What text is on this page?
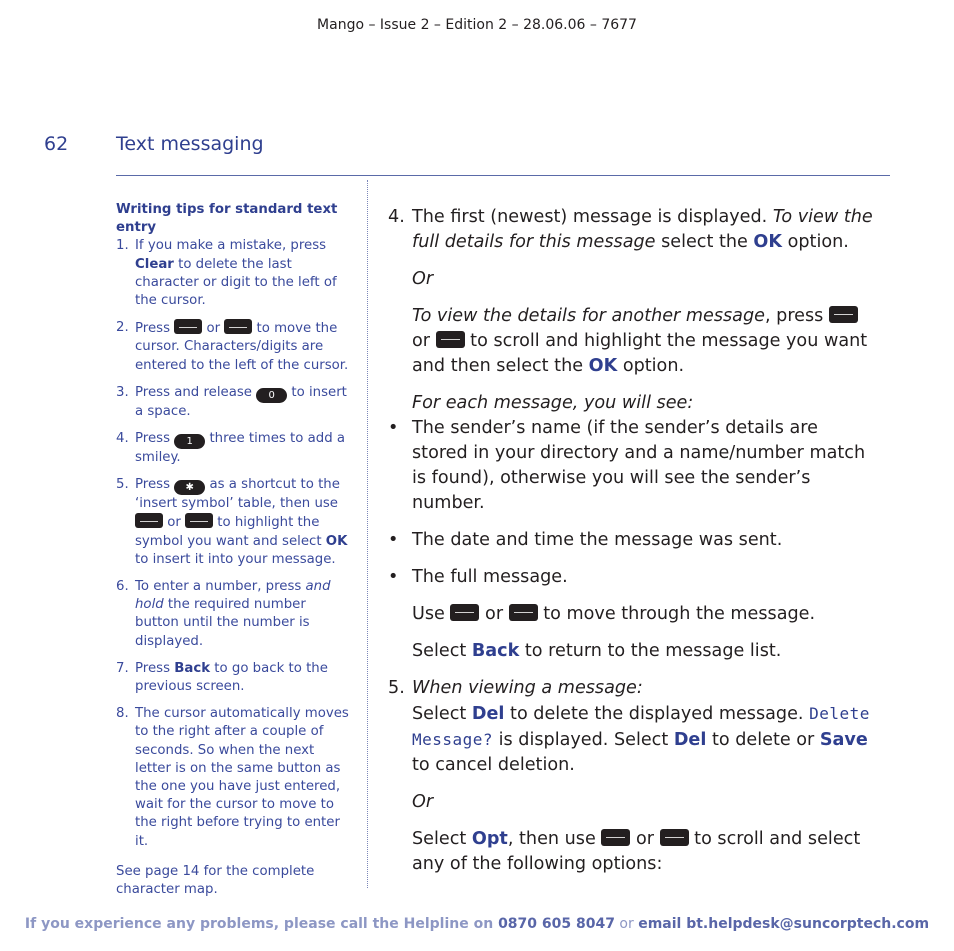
Mango – Issue 2 – Edition 2 – 28.06.06 – 7677
62	Text messaging

Writing tips for standard text entry

1. If you make a mistake, press Clear to delete the last character or digit to the left of the cursor.
2. Press  or  to move the cursor. Characters/digits are entered to the left of the cursor.
3. Press and release 0 to insert a space.
4. Press 1 three times to add a smiley.
5. Press ✱ as a shortcut to the ‘insert symbol’ table, then use  or  to highlight the symbol you want and select OK to insert it into your message.
6. To enter a number, press and hold the required number button until the number is displayed.
7. Press Back to go back to the previous screen.
8. The cursor automatically moves to the right after a couple of seconds. So when the next letter is on the same button as the one you have just entered, wait for the cursor to move to the right before trying to enter it.

See page 14 for the complete character map.

4. The first (newest) message is displayed. To view the full details for this message select the OK option.

Or

To view the details for another message, press  or  to scroll and highlight the message you want and then select the OK option.

For each message, you will see:

• The sender’s name (if the sender’s details are stored in your directory and a name/number match is found), otherwise you will see the sender’s number.
• The date and time the message was sent.
• The full message.

Use  or  to move through the message.

Select Back to return to the message list.

5. When viewing a message:

Select Del to delete the displayed message. Delete Message? is displayed. Select Del to delete or Save to cancel deletion.

Or

Select Opt, then use  or  to scroll and select any of the following options:

If you experience any problems, please call the Helpline on 0870 605 8047 or email bt.helpdesk@suncorptech.com
